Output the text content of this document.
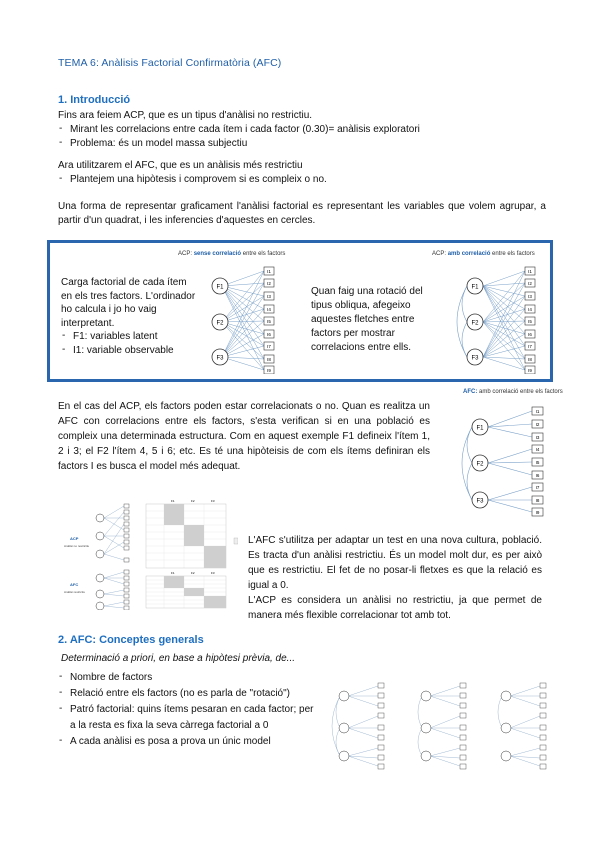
TEMA 6: Anàlisis Factorial Confirmatòria (AFC)
1. Introducció
Fins ara feiem ACP, que es un tipus d'anàlisi no restrictiu.
- Mirant les correlacions entre cada ítem i cada factor (0.30)= anàlisis exploratori
- Problema: és un model massa subjectiu
Ara utilitzarem el AFC, que es un anàlisis més restrictiu
- Plantejem una hipòtesis i comprovem si es compleix o no.
Una forma de representar graficament l'anàlisi factorial es representant les variables que volem agrupar, a partir d'un quadrat, i les inferencies d'aquestes en cercles.
ACP: sense correlació entre els factors	ACP: amb correlació entre els factors
F1
F2
F3
I1
I2
I3
I4
I5
I6
I7
I8
I9
F1
F2
F3
I1
I2
I3
I4
I5
I6
I7
I8
I9
Carga factorial de cada ítem en els tres factors. L'ordinador ho calcula i jo ho vaig interpretant.
- F1: variables latent
- I1: variable observable
Quan faig una rotació del tipus obliqua, afegeixo aquestes fletches entre factors per mostrar correlacions entre ells.
AFC: amb correlació entre els factors
F1
F2
F3
I1
I2
I3
I4
I5
I6
I7
I8
I9
En el cas del ACP, els factors poden estar correlacionats o no. Quan es realitza un AFC con correlacions entre els factors, s'esta verifican si en una població es compleix una determinada estructura. Com en aquest exemple F1 defineix l'ítem 1, 2 i 3; el F2 l'ítem 4, 5 i 6; etc. Es té una hipòteisis de com els ítems definiran els factors I es busca el model més adequat.
ACP
Anàlisi no restrictiu
AFC
Anàlisi restrictiu
F1	F2	F3
F1	F2	F3
L'AFC s'utilitza per adaptar un test en una nova cultura, població. Es tracta d'un anàlisi restrictiu. És un model molt dur, es per això que es restrictiu. El fet de no posar-li fletxes es que la relació es igual a 0.
L'ACP es considera un anàlisi no restrictiu, ja que permet de manera més flexible correlacionar tot amb tot.
2. AFC: Conceptes generals
Determinació a priori, en base a hipòtesi prèvia, de...
- Nombre de factors
- Relació entre els factors (no es parla de "rotació")
- Patró factorial: quins ítems pesaran en cada factor; per a la resta es fixa la seva càrrega factorial a 0
- A cada anàlisi es posa a prova un únic model
